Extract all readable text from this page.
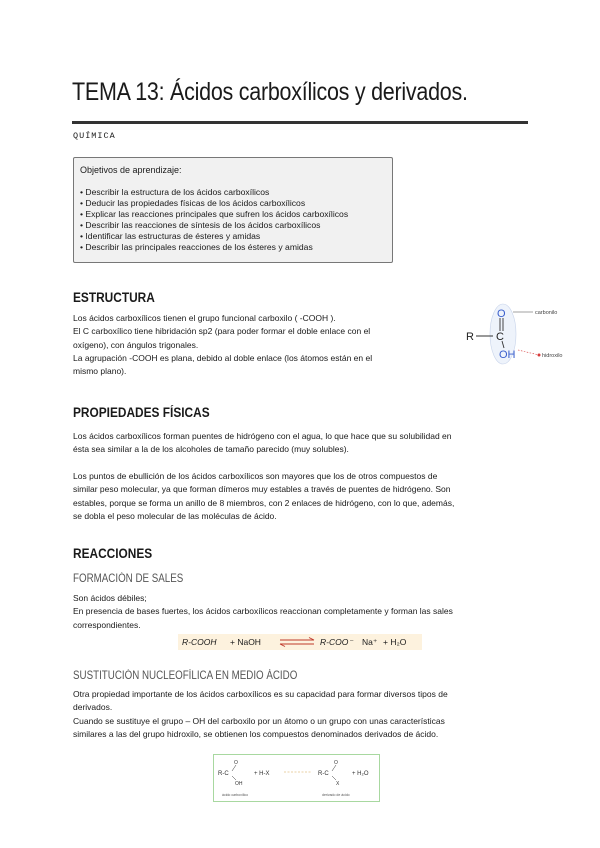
TEMA 13: Ácidos carboxílicos y derivados.
QUÍMICA
Objetivos de aprendizaje:
• Describir la estructura de los ácidos carboxílicos
• Deducir las propiedades físicas de los ácidos carboxílicos
• Explicar las reacciones principales que sufren los ácidos carboxílicos
• Describir las reacciones de síntesis de los ácidos carboxílicos
• Identificar las estructuras de ésteres y amidas
• Describir las principales reacciones de los ésteres y amidas
ESTRUCTURA
Los ácidos carboxílicos tienen el grupo funcional carboxilo ( -COOH ).
El C carboxílico tiene hibridación sp2 (para poder formar el doble enlace con el
oxígeno), con ángulos trigonales.
La agrupación -COOH es plana, debido al doble enlace (los átomos están en el
mismo plano).
R C
O
OH
carbonilo
hidroxilo
PROPIEDADES FÍSICAS
Los ácidos carboxílicos forman puentes de hidrógeno con el agua, lo que hace que su solubilidad en
ésta sea similar a la de los alcoholes de tamaño parecido (muy solubles).
Los puntos de ebullición de los ácidos carboxílicos son mayores que los de otros compuestos de
similar peso molecular, ya que forman dímeros muy estables a través de puentes de hidrógeno. Son
estables, porque se forma un anillo de 8 miembros, con 2 enlaces de hidrógeno, con lo que, además,
se dobla el peso molecular de las moléculas de ácido.
REACCIONES
FORMACIÓN DE SALES
Son ácidos débiles;
En presencia de bases fuertes, los ácidos carboxílicos reaccionan completamente y forman las sales
correspondientes.
R-COOH + NaOH	R-COO⁻ Na⁺ + H₂O
SUSTITUCIÓN NUCLEOFÍLICA EN MEDIO ÁCIDO
Otra propiedad importante de los ácidos carboxílicos es su capacidad para formar diversos tipos de
derivados.
Cuando se sustituye el grupo – OH del carboxilo por un átomo o un grupo con unas características
similares a las del grupo hidroxilo, se obtienen los compuestos denominados derivados de ácido.
R-C
O
OH
+ H-X	R-C
O
X
+ H₂O
ácido carboxílico	derivado de ácido
